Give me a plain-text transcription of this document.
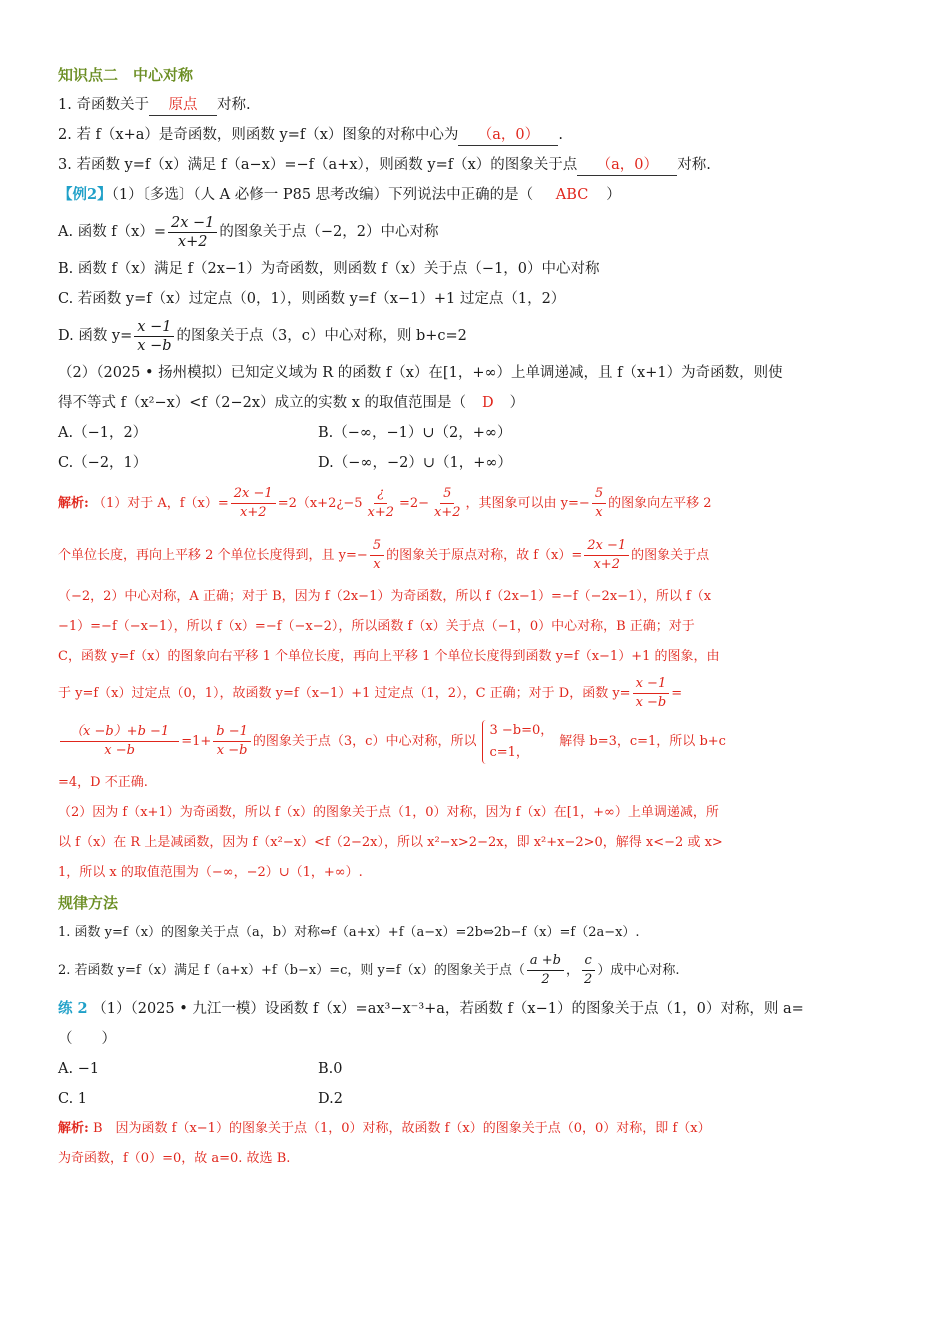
知识点二　中心对称
1. 奇函数关于 原点 对称.
2. 若 f（x+a）是奇函数，则函数 y=f（x）图象的对称中心为 （a，0） .
3. 若函数 y=f（x）满足 f（a−x）=−f（a+x），则函数 y=f（x）的图象关于点 （a，0） 对称.
【例2】（1）〔多选〕（人 A 必修一 P85 思考改编）下列说法中正确的是（ ABC ）
A. 函数 $f(x)= \frac{2x -1}{x+2}$ 的图象关于点（−2，2）中心对称
B. 函数 f（x）满足 f（2x−1）为奇函数，则函数 f（x）关于点（−1，0）中心对称
C. 若函数 y=f（x）过定点（0，1），则函数 y=f（x−1）+1 过定点（1，2）
D. 函数 $y= \frac{x -1}{x -b}$ 的图象关于点（3，c）中心对称，则 b+c=2
（2）（2025 • 扬州模拟）已知定义域为 R 的函数 f（x）在[1，+∞）上单调递减，且 f（x+1）为奇函数，则使
得不等式 f（x²−x）<f（2−2x）成立的实数 x 的取值范围是（ D ）
A.（−1，2）	B.（−∞，−1）∪（2，+∞）
C.（−2，1）	D.（−∞，−2）∪（1，+∞）
解析: （1）对于 A，$f(x)= \frac{2x -1}{x+2}$ =2（x+2¿−5 $\frac{¿}{x+2} =2- \frac{5}{x+2}$ ，其图象可以由 $y=- \frac{5}{x}$ 的图象向左平移 2
个单位长度，再向上平移 2 个单位长度得到，且 $y=- \frac{5}{x}$ 的图象关于原点对称，故 $f(x)= \frac{2x -1}{x+2}$ 的图象关于点
（−2，2）中心对称，A 正确；对于 B，因为 f（2x−1）为奇函数，所以 f（2x−1）=−f（−2x−1），所以 f（x
−1）=−f（−x−1），所以 f（x）=−f（−x−2），所以函数 f（x）关于点（−1，0）中心对称，B 正确；对于
C，函数 y=f（x）的图象向右平移 1 个单位长度，再向上平移 1 个单位长度得到函数 y=f（x−1）+1 的图象，由
于 y=f（x）过定点（0，1），故函数 y=f（x−1）+1 过定点（1，2），C 正确；对于 D，函数 $y= \frac{x -1}{x -b}$ =
$\frac{(x -b)+b -1}{x -b} =1+ \frac{b -1}{x -b}$ 的图象关于点（3，c）中心对称，所以
3 −b=0，
c=1，
解得 b=3，c=1，所以 b+c
=4，D 不正确.
（2）因为 f（x+1）为奇函数，所以 f（x）的图象关于点（1，0）对称，因为 f（x）在[1，+∞）上单调递减，所
以 f（x）在 R 上是减函数，因为 f（x²−x）<f（2−2x），所以 x²−x>2−2x，即 x²+x−2>0，解得 x<−2 或 x>
1，所以 x 的取值范围为（−∞，−2）∪（1，+∞）.
规律方法
1. 函数 y=f（x）的图象关于点（a，b）对称⇔f（a+x）+f（a−x）=2b⇔2b−f（x）=f（2a−x）.
2. 若函数 y=f（x）满足 f（a+x）+f（b−x）=c，则 y=f（x）的图象关于点（ $\frac{a +b}{2}$ ， $\frac{c}{2}$ ）成中心对称.
练 2 （1）（2025 • 九江一模）设函数 f（x）=ax³−x⁻³+a，若函数 f（x−1）的图象关于点（1，0）对称，则 a=
（　　）
A. −1	B.0
C. 1	D.2
解析: B　因为函数 f（x−1）的图象关于点（1，0）对称，故函数 f（x）的图象关于点（0，0）对称，即 f（x）
为奇函数，f（0）=0，故 a=0. 故选 B.
